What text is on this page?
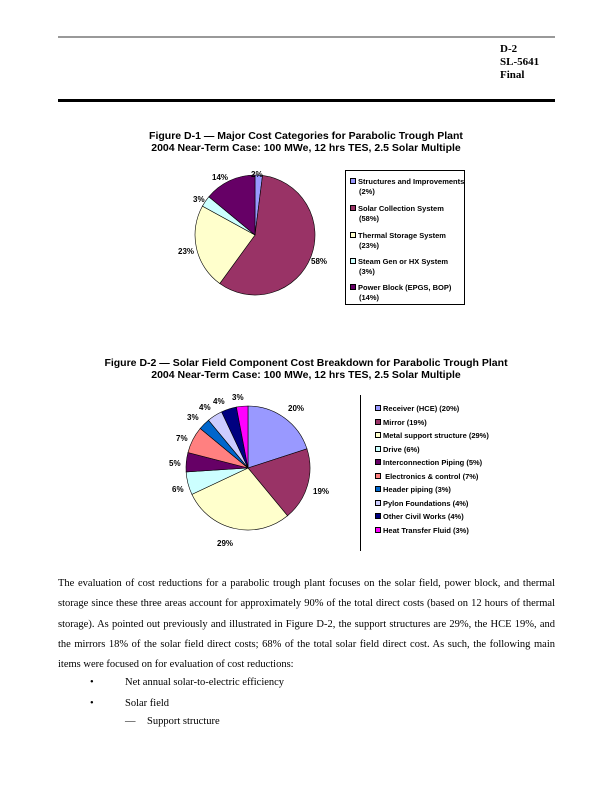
D-2
SL-5641
Final
Figure D-1 — Major Cost Categories for Parabolic Trough Plant
2004 Near-Term Case: 100 MWe, 12 hrs TES, 2.5 Solar Multiple
2%
58%
23%
3%
14%
20%
19%
29%
6%
5%
7%
3%
4%
4% 3%
Structures and Improvements
(2%)
Solar Collection System
(58%)
Thermal Storage System
(23%)
Steam Gen or HX System
(3%)
Power Block (EPGS, BOP)
(14%)
Figure D-2 — Solar Field Component Cost Breakdown for Parabolic Trough Plant
2004 Near-Term Case: 100 MWe, 12 hrs TES, 2.5 Solar Multiple
Receiver (HCE) (20%)
Mirror (19%)
Metal support structure (29%)
Drive (6%)
Interconnection Piping (5%)
Electronics & control (7%)
Header piping (3%)
Pylon Foundations (4%)
Other Civil Works (4%)
Heat Transfer Fluid (3%)
The evaluation of cost reductions for a parabolic trough plant focuses on the solar field, power block, and thermal storage since these three areas account for approximately 90% of the total direct costs (based on 12 hours of thermal storage). As pointed out previously and illustrated in Figure D-2, the support structures are 29%, the HCE 19%, and the mirrors 18% of the solar field direct costs; 68% of the total solar field direct cost. As such, the following main items were focused on for evaluation of cost reductions:
•	Net annual solar-to-electric efficiency
•	Solar field
— Support structure
